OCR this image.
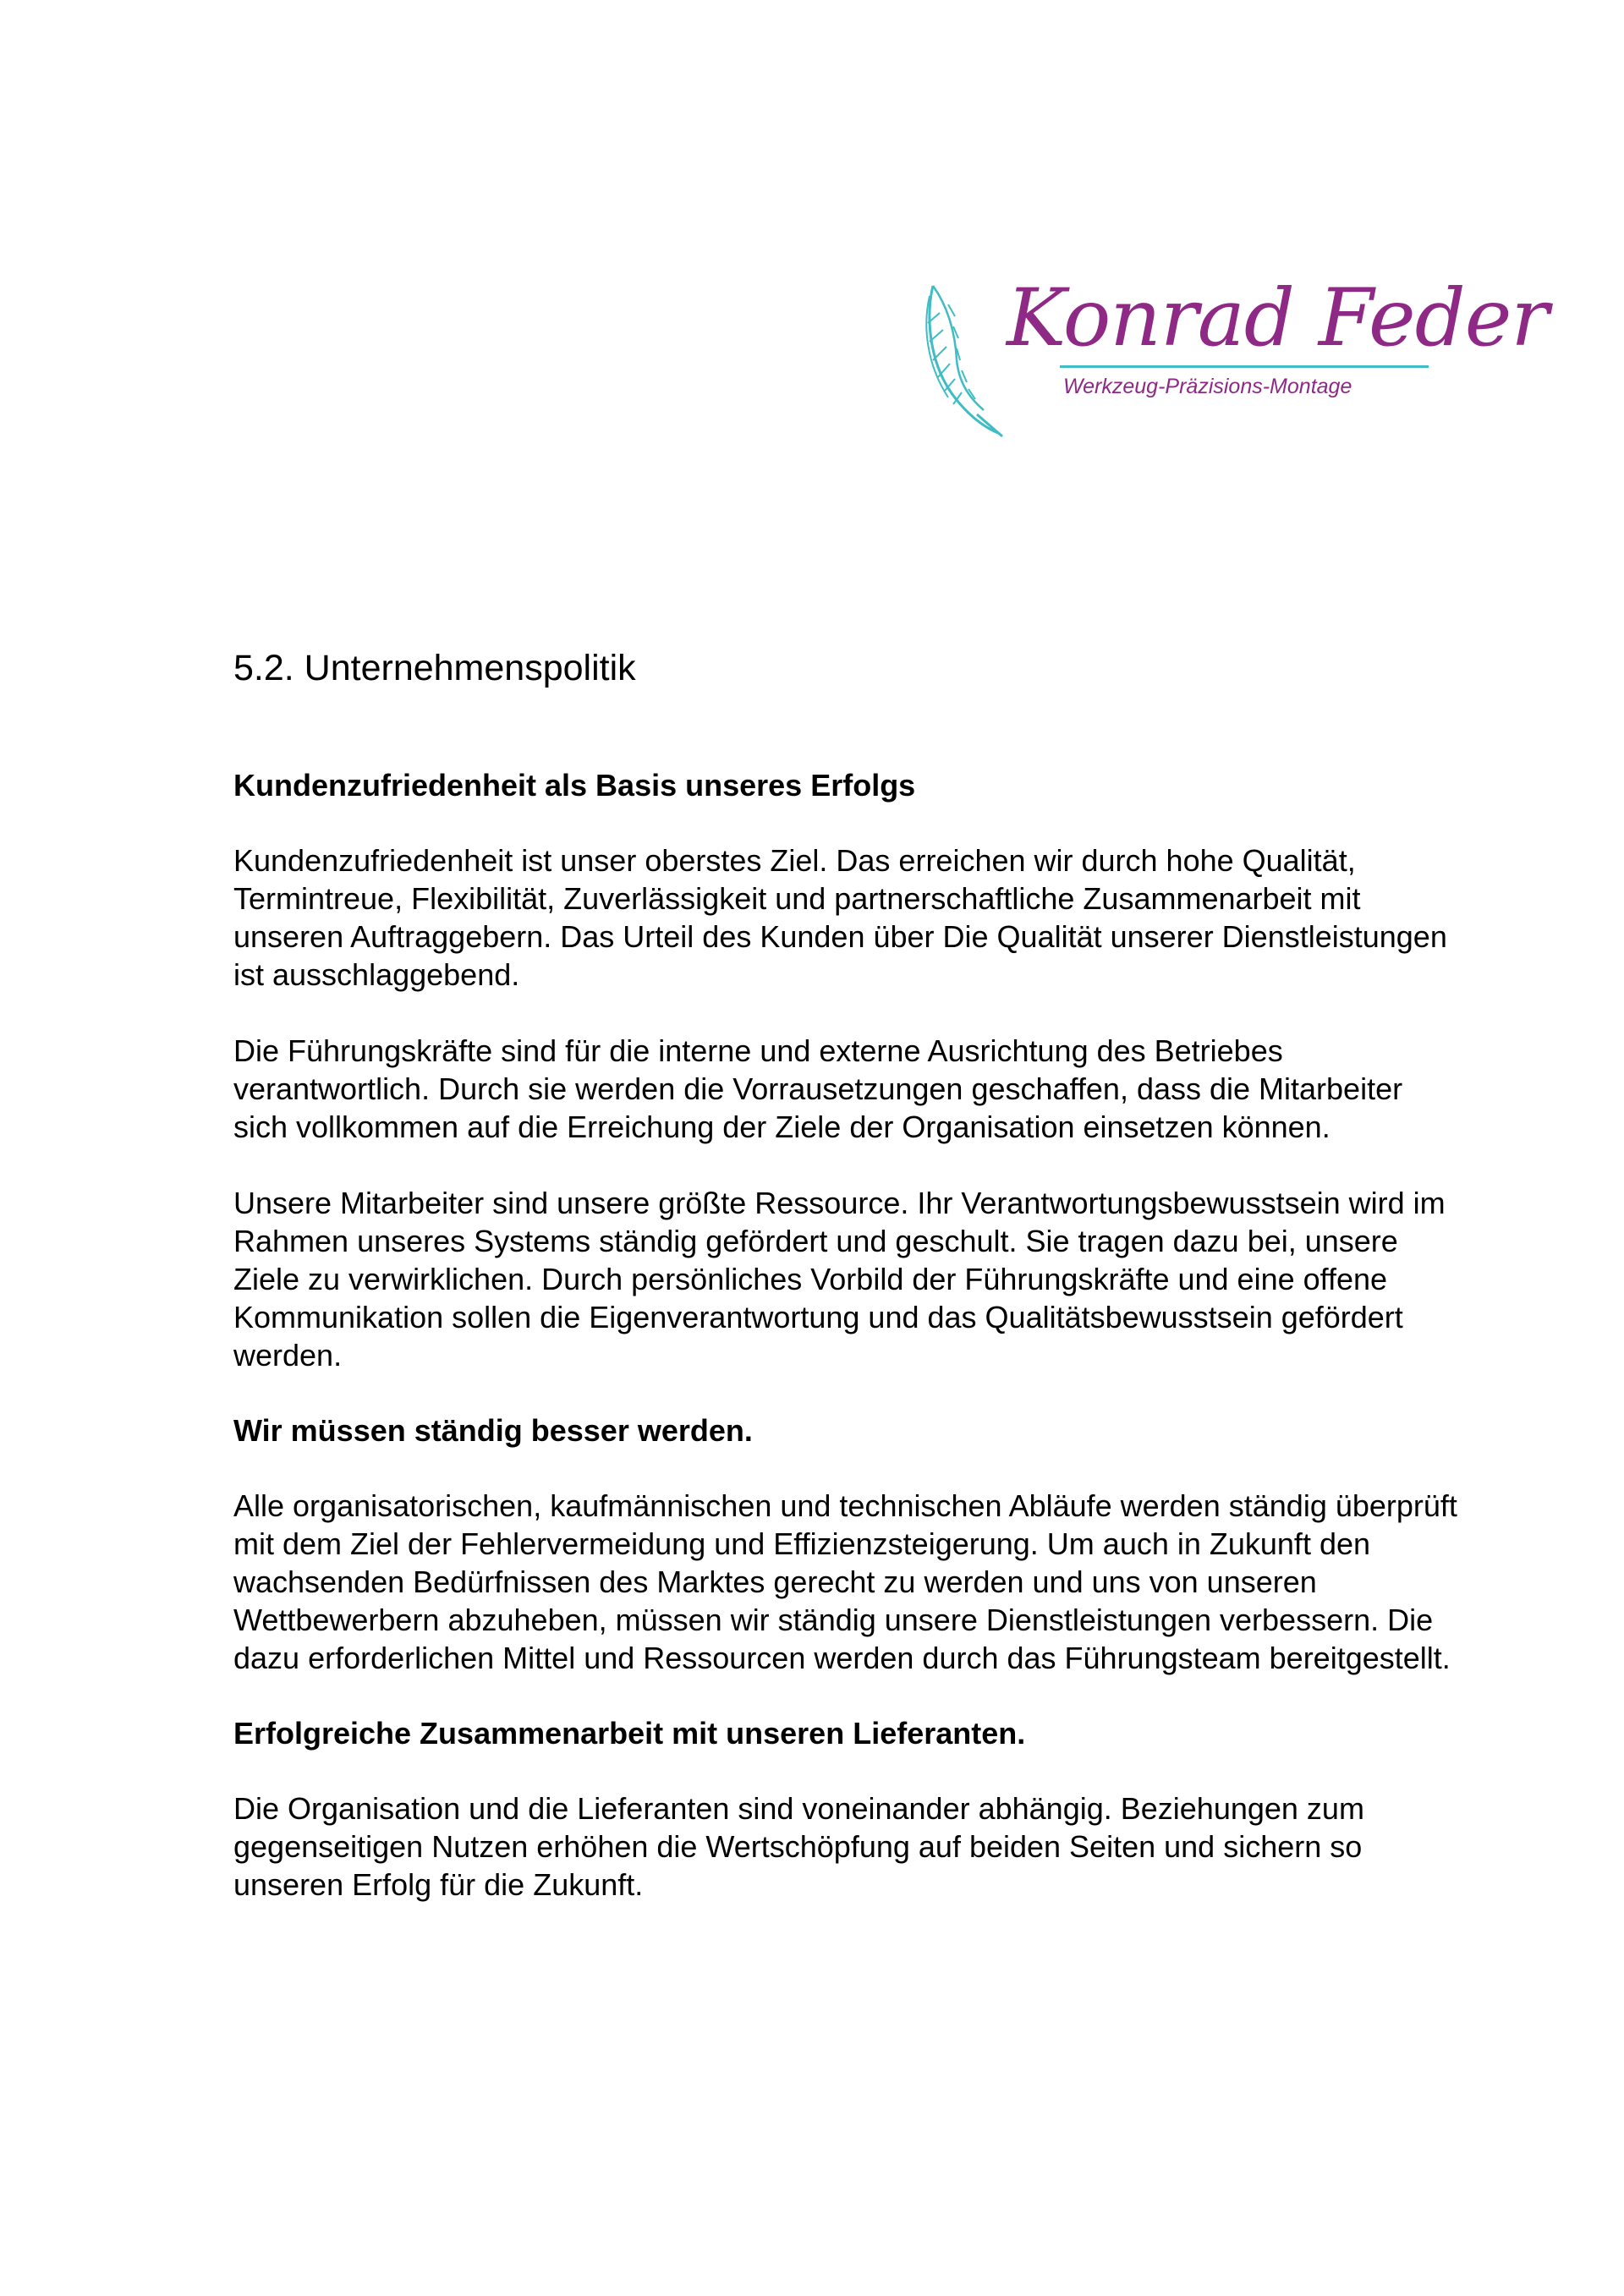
Konrad Feder
Werkzeug-Präzisions-Montage
5.2. Unternehmenspolitik
Kundenzufriedenheit als Basis unseres Erfolgs

Kundenzufriedenheit ist unser oberstes Ziel. Das erreichen wir durch hohe Qualität, Termintreue, Flexibilität, Zuverlässigkeit und partnerschaftliche Zusammenarbeit mit unseren Auftraggebern. Das Urteil des Kunden über Die Qualität unserer Dienstleistungen ist ausschlaggebend.

Die Führungskräfte sind für die interne und externe Ausrichtung des Betriebes verantwortlich. Durch sie werden die Vorrausetzungen geschaffen, dass die Mitarbeiter sich vollkommen auf die Erreichung der Ziele der Organisation einsetzen können.

Unsere Mitarbeiter sind unsere größte Ressource. Ihr Verantwortungsbewusstsein wird im Rahmen unseres Systems ständig gefördert und geschult. Sie tragen dazu bei, unsere Ziele zu verwirklichen. Durch persönliches Vorbild der Führungskräfte und eine offene Kommunikation sollen die Eigenverantwortung und das Qualitätsbewusstsein gefördert werden.

Wir müssen ständig besser werden.

Alle organisatorischen, kaufmännischen und technischen Abläufe werden ständig überprüft mit dem Ziel der Fehlervermeidung und Effizienzsteigerung. Um auch in Zukunft den wachsenden Bedürfnissen des Marktes gerecht zu werden und uns von unseren Wettbewerbern abzuheben, müssen wir ständig unsere Dienstleistungen verbessern. Die dazu erforderlichen Mittel und Ressourcen werden durch das Führungsteam bereitgestellt.

Erfolgreiche Zusammenarbeit mit unseren Lieferanten.

Die Organisation und die Lieferanten sind voneinander abhängig. Beziehungen zum gegenseitigen Nutzen erhöhen die Wertschöpfung auf beiden Seiten und sichern so unseren Erfolg für die Zukunft.
